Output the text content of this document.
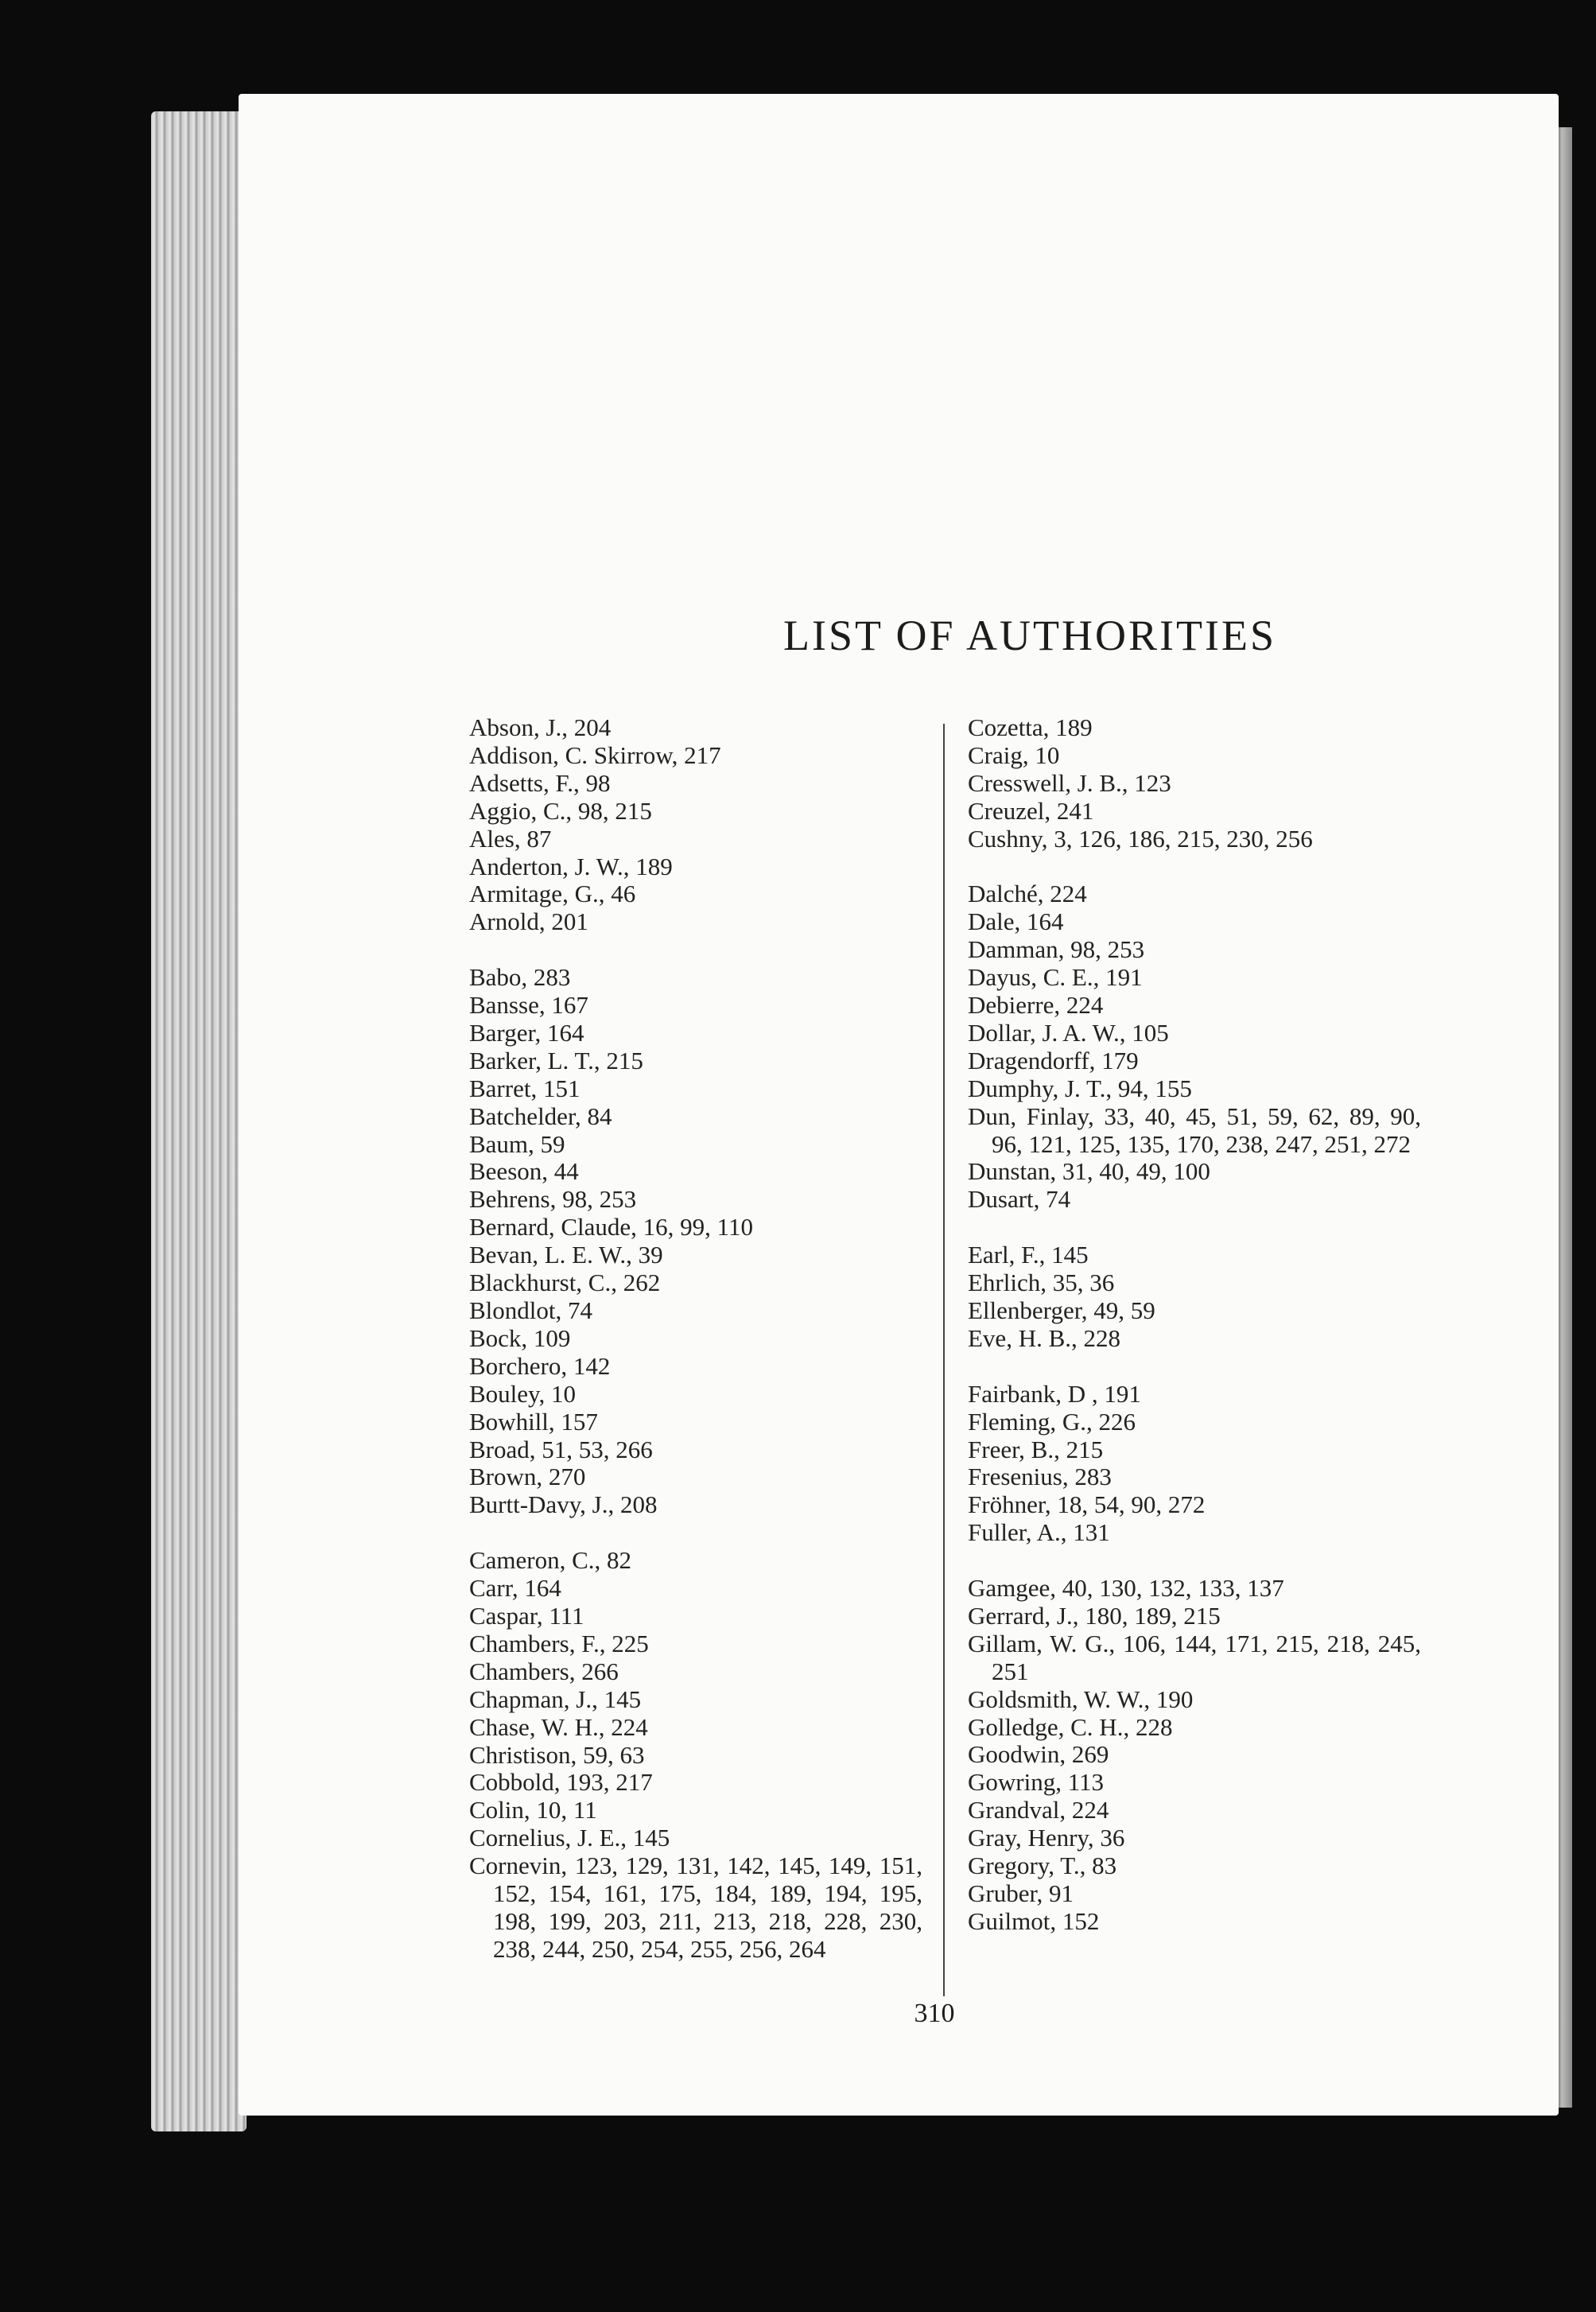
LIST OF AUTHORITIES
Abson, J., 204
Addison, C. Skirrow, 217
Adsetts, F., 98
Aggio, C., 98, 215
Ales, 87
Anderton, J. W., 189
Armitage, G., 46
Arnold, 201
Babo, 283
Bansse, 167
Barger, 164
Barker, L. T., 215
Barret, 151
Batchelder, 84
Baum, 59
Beeson, 44
Behrens, 98, 253
Bernard, Claude, 16, 99, 110
Bevan, L. E. W., 39
Blackhurst, C., 262
Blondlot, 74
Bock, 109
Borchero, 142
Bouley, 10
Bowhill, 157
Broad, 51, 53, 266
Brown, 270
Burtt-Davy, J., 208
Cameron, C., 82
Carr, 164
Caspar, 111
Chambers, F., 225
Chambers, 266
Chapman, J., 145
Chase, W. H., 224
Christison, 59, 63
Cobbold, 193, 217
Colin, 10, 11
Cornelius, J. E., 145
Cornevin, 123, 129, 131, 142, 145, 149, 151, 152, 154, 161, 175, 184, 189, 194, 195, 198, 199, 203, 211, 213, 218, 228, 230, 238, 244, 250, 254, 255, 256, 264
Cozetta, 189
Craig, 10
Cresswell, J. B., 123
Creuzel, 241
Cushny, 3, 126, 186, 215, 230, 256
Dalché, 224
Dale, 164
Damman, 98, 253
Dayus, C. E., 191
Debierre, 224
Dollar, J. A. W., 105
Dragendorff, 179
Dumphy, J. T., 94, 155
Dun, Finlay, 33, 40, 45, 51, 59, 62, 89, 90, 96, 121, 125, 135, 170, 238, 247, 251, 272
Dunstan, 31, 40, 49, 100
Dusart, 74
Earl, F., 145
Ehrlich, 35, 36
Ellenberger, 49, 59
Eve, H. B., 228
Fairbank, D , 191
Fleming, G., 226
Freer, B., 215
Fresenius, 283
Fröhner, 18, 54, 90, 272
Fuller, A., 131
Gamgee, 40, 130, 132, 133, 137
Gerrard, J., 180, 189, 215
Gillam, W. G., 106, 144, 171, 215, 218, 245, 251
Goldsmith, W. W., 190
Golledge, C. H., 228
Goodwin, 269
Gowring, 113
Grandval, 224
Gray, Henry, 36
Gregory, T., 83
Gruber, 91
Guilmot, 152
310
